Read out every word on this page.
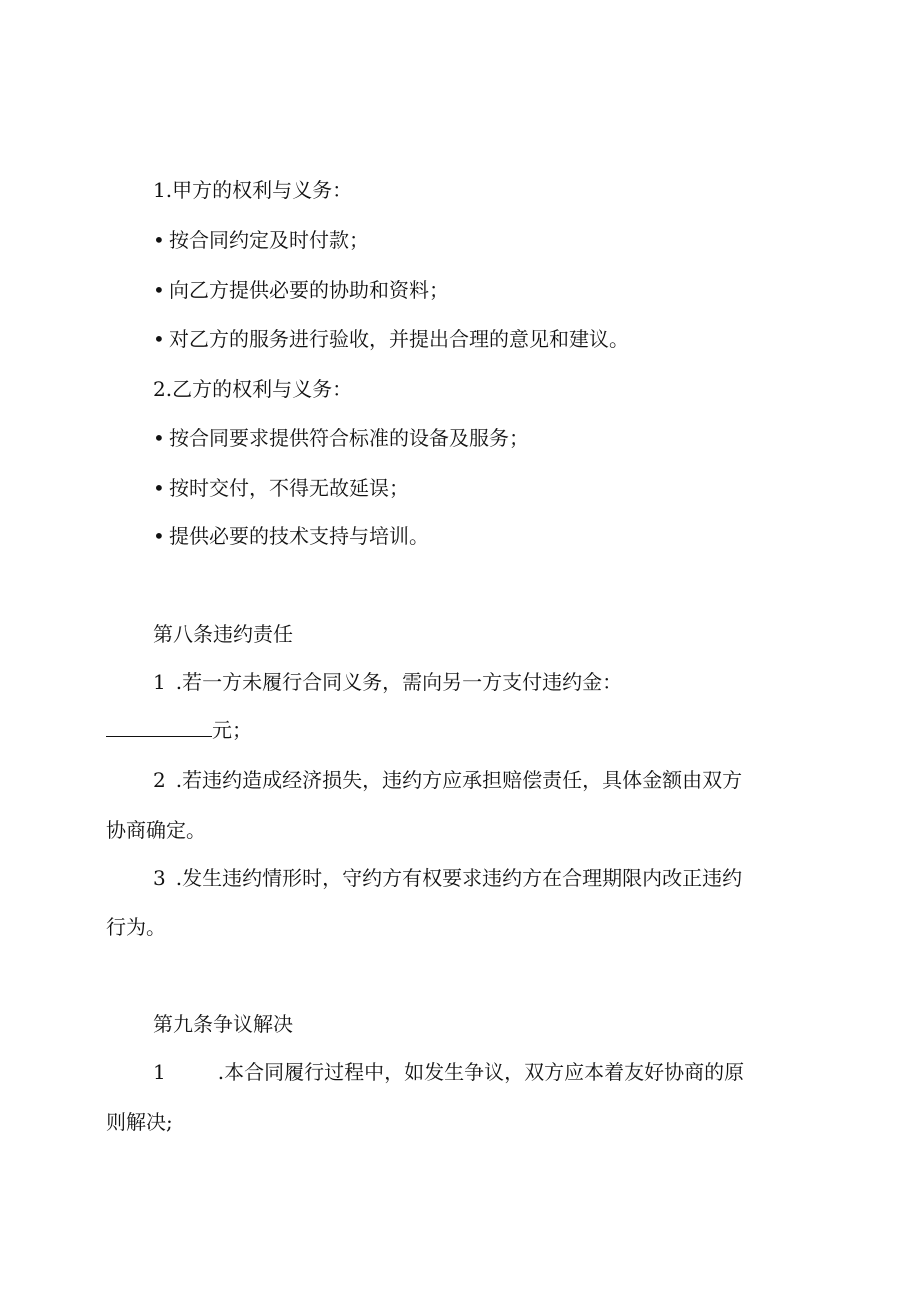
1.甲方的权利与义务：
• 按合同约定及时付款；
• 向乙方提供必要的协助和资料；
• 对乙方的服务进行验收，并提出合理的意见和建议。
2.乙方的权利与义务：
• 按合同要求提供符合标准的设备及服务；
• 按时交付，不得无故延误；
• 提供必要的技术支持与培训。
第八条违约责任
1 .若一方未履行合同义务，需向另一方支付违约金：
元；
2 .若违约造成经济损失，违约方应承担赔偿责任，具体金额由双方
协商确定。
3 .发生违约情形时，守约方有权要求违约方在合理期限内改正违约
行为。
第九条争议解决
1	.本合同履行过程中，如发生争议，双方应本着友好协商的原
则解决;
